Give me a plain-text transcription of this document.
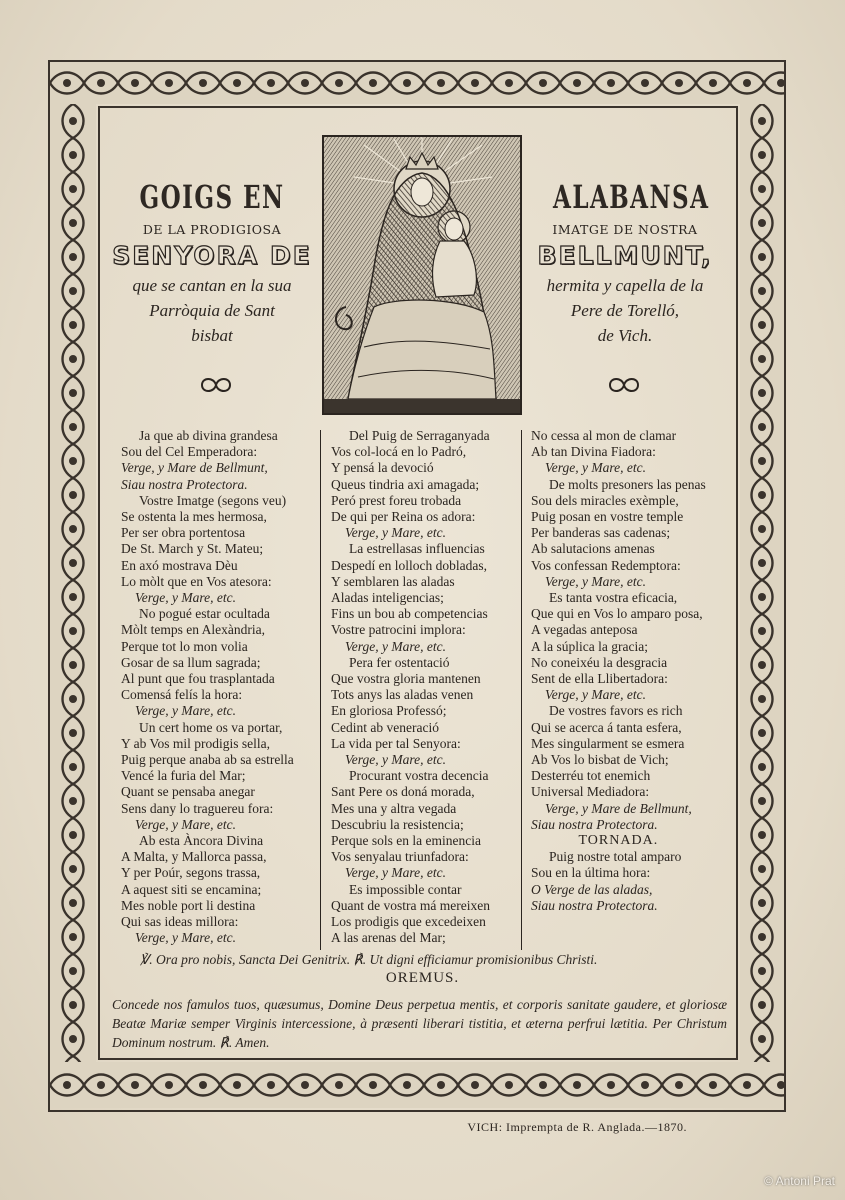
GOIGS EN
DE LA PRODIGIOSA
SENYORA DE
que se cantan en la sua
Parròquia de Sant
bisbat
ALABANSA
IMATGE DE NOSTRA
BELLMUNT,
hermita y capella de la
Pere de Torelló,
de Vich.
Ja que ab divina grandesa
Sou del Cel Emperadora:
Verge, y Mare de Bellmunt,
Siau nostra Protectora.
Vostre Imatge (segons veu)
Se ostenta la mes hermosa,
Per ser obra portentosa
De St. March y St. Mateu;
En axó mostrava Dèu
Lo mòlt que en Vos atesora:
Verge, y Mare, etc.
No pogué estar ocultada
Mòlt temps en Alexàndria,
Perque tot lo mon volia
Gosar de sa llum sagrada;
Al punt que fou trasplantada
Comensá felís la hora:
Verge, y Mare, etc.
Un cert home os va portar,
Y ab Vos mil prodigis sella,
Puig perque anaba ab sa estrella
Vencé la furia del Mar;
Quant se pensaba anegar
Sens dany lo traguereu fora:
Verge, y Mare, etc.
Ab esta Àncora Divina
A Malta, y Mallorca passa,
Y per Poúr, segons trassa,
A aquest siti se encamina;
Mes noble port li destina
Qui sas ideas millora:
Verge, y Mare, etc.
Del Puig de Serraganyada
Vos col-locá en lo Padró,
Y pensá la devoció
Queus tindria axi amagada;
Peró prest foreu trobada
De qui per Reina os adora:
Verge, y Mare, etc.
La estrellasas influencias
Despedí en lolloch dobladas,
Y semblaren las aladas
Aladas inteligencias;
Fins un bou ab competencias
Vostre patrocini implora:
Verge, y Mare, etc.
Pera fer ostentació
Que vostra gloria mantenen
Tots anys las aladas venen
En gloriosa Professó;
Cedint ab veneració
La vida per tal Senyora:
Verge, y Mare, etc.
Procurant vostra decencia
Sant Pere os doná morada,
Mes una y altra vegada
Descubriu la resistencia;
Perque sols en la eminencia
Vos senyalau triunfadora:
Verge, y Mare, etc.
Es impossible contar
Quant de vostra má mereixen
Los prodigis que excedeixen
A las arenas del Mar;
No cessa al mon de clamar
Ab tan Divina Fiadora:
Verge, y Mare, etc.
De molts presoners las penas
Sou dels miracles exèmple,
Puig posan en vostre temple
Per banderas sas cadenas;
Ab salutacions amenas
Vos confessan Redemptora:
Verge, y Mare, etc.
Es tanta vostra eficacia,
Que qui en Vos lo amparo posa,
A vegadas anteposa
A la súplica la gracia;
No coneixéu la desgracia
Sent de ella Llibertadora:
Verge, y Mare, etc.
De vostres favors es rich
Qui se acerca á tanta esfera,
Mes singularment se esmera
Ab Vos lo bisbat de Vich;
Desterréu tot enemich
Universal Mediadora:
Verge, y Mare de Bellmunt,
Siau nostra Protectora.
TORNADA.
Puig nostre total amparo
Sou en la última hora:
O Verge de las aladas,
Siau nostra Protectora.
℣. Ora pro nobis, Sancta Dei Genitrix. ℟. Ut digni efficiamur promisionibus Christi.
OREMUS.
Concede nos famulos tuos, quæsumus, Domine Deus perpetua mentis, et corporis sanitate gaudere, et gloriosæ Beatæ Mariæ semper Virginis intercessione, à præsenti liberari tistitia, et æterna perfrui lætitia. Per Christum Dominum nostrum. ℟. Amen.
VICH: Imprempta de R. Anglada.—1870.
© Antoni Prat
